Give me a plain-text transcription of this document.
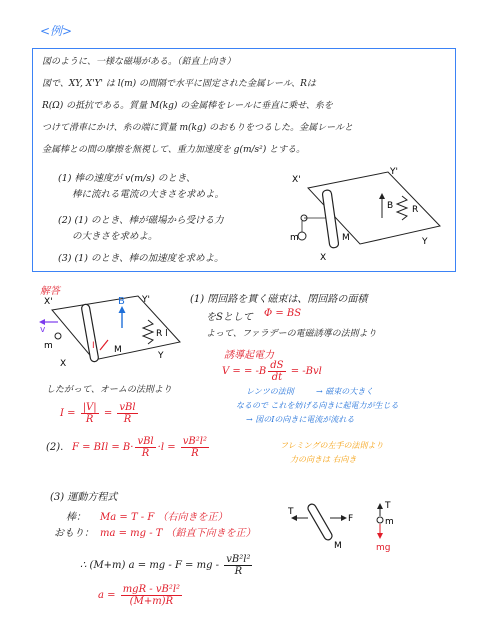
<例>
図のように、一様な磁場がある。（鉛直上向き）
図で、XY, X'Y' は l(m) の間隔で水平に固定された金属レール、Rは
R(Ω) の抵抗である。質量 M(kg) の金属棒をレールに垂直に乗せ、糸を
つけて滑車にかけ、糸の端に質量 m(kg) のおもりをつるした。金属レールと
金属棒との間の摩擦を無視して、重力加速度を g(m/s²) とする。
(1) 棒の速度が v(m/s) のとき、
棒に流れる電流の大きさを求めよ。
(2) (1) のとき、棒が磁場から受ける力
の大きさを求めよ。
(3) (1) のとき、棒の加速度を求めよ。
X'
Y'
X
Y
B R
m	M
解答
X'	Y'
X
Y
B
R l
v
m	M
I
(1) 閉回路を貫く磁束は、閉回路の面積
をSとして Φ = BS
よって、ファラデーの電磁誘導の法則より
誘導起電力
V = = $-B \frac{dS}{dt} = -Bvl$
レンツの法則	→ 磁束の大きく
なるので これを妨げる向きに起電力が生じる
→ 図のIの向きに電流が流れる
したがって、オームの法則より
$I = \frac{|V|}{R} = \frac{\text{vBl}}{R}$
(2). F = BIl = $B\cdot \frac{\text{vBl}}{R} \cdot l = \frac{\text{vB²l²}}{R}$	フレミングの左手の法則より
力の向きは 右向き
(3) 運動方程式
棒： Ma = T - F （右向きを正）
おもり： ma = mg - T （鉛直下向きを正）
T
F
M
T
m
mg
∴ (M+m) a = mg - F = mg - $\frac{\text{vB²l²}}{R}$
$a = \frac{\text{mgR - vB²l²}}{(M+m)R}$
